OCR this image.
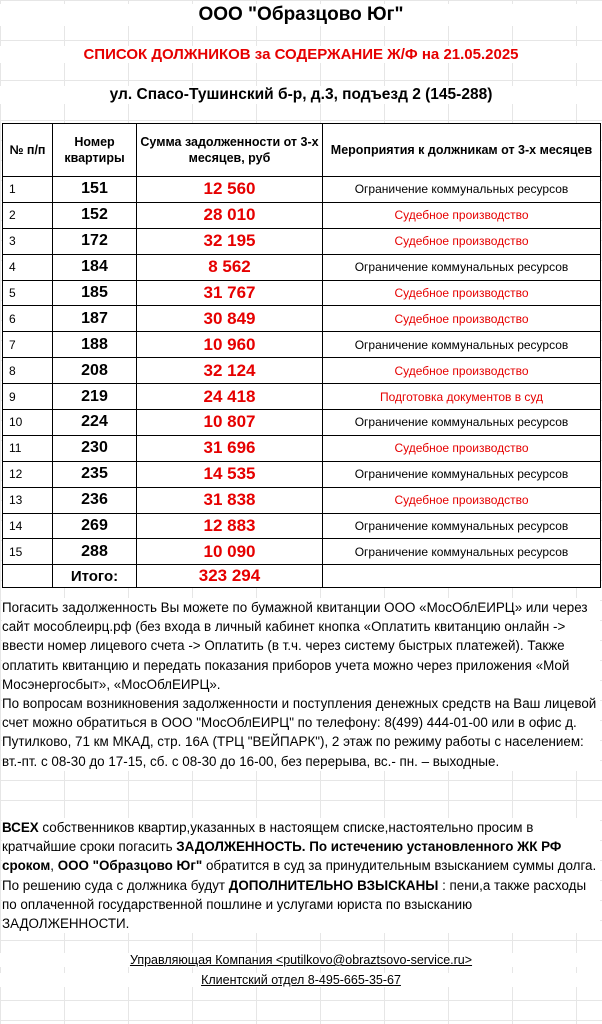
ООО "Образцово Юг"
СПИСОК ДОЛЖНИКОВ за СОДЕРЖАНИЕ Ж/Ф на 21.05.2025
ул. Спасо-Тушинский б-р, д.3, подъезд 2 (145-288)
№ п/п	Номер квартиры	Сумма задолженности от 3-х месяцев, руб	Мероприятия к должникам от 3-х месяцев
1	151	12 560	Ограничение коммунальных ресурсов
2	152	28 010	Судебное производство
3	172	32 195	Судебное производство
4	184	8 562	Ограничение коммунальных ресурсов
5	185	31 767	Судебное производство
6	187	30 849	Судебное производство
7	188	10 960	Ограничение коммунальных ресурсов
8	208	32 124	Судебное производство
9	219	24 418	Подготовка документов в суд
10	224	10 807	Ограничение коммунальных ресурсов
11	230	31 696	Судебное производство
12	235	14 535	Ограничение коммунальных ресурсов
13	236	31 838	Судебное производство
14	269	12 883	Ограничение коммунальных ресурсов
15	288	10 090	Ограничение коммунальных ресурсов
	Итого:	323 294	
Погасить задолженность Вы можете по бумажной квитанции ООО «МосОблЕИРЦ» или через сайт мособлеирц.рф (без входа в личный кабинет кнопка «Оплатить квитанцию онлайн -> ввести номер лицевого счета -> Оплатить (в т.ч. через систему быстрых платежей). Также оплатить квитанцию и передать показания приборов учета можно через приложения «Мой Мосэнергосбыт», «МосОблЕИРЦ».
По вопросам возникновения задолженности и поступления денежных средств на Ваш лицевой счет можно обратиться в ООО "МосОблЕИРЦ" по телефону: 8(499) 444-01-00 или в офис д. Путилково, 71 км МКАД, стр. 16А (ТРЦ "ВЕЙПАРК"), 2 этаж по режиму работы с населением: вт.-пт. с 08-30 до 17-15, сб. с 08-30 до 16-00, без перерыва, вс.- пн. – выходные.
ВСЕХ собственников квартир,указанных в настоящем списке,настоятельно просим в кратчайшие сроки погасить ЗАДОЛЖЕННОСТЬ. По истечению установленного ЖК РФ сроком, ООО "Образцово Юг" обратится в суд за принудительным взысканием суммы долга. По решению суда с должника будут ДОПОЛНИТЕЛЬНО ВЗЫСКАНЫ : пени,а также расходы по оплаченной государственной пошлине и услугами юриста по взысканию ЗАДОЛЖЕННОСТИ.
Управляющая Компания <putilkovo@obraztsovo-service.ru>
Клиентский отдел 8-495-665-35-67
